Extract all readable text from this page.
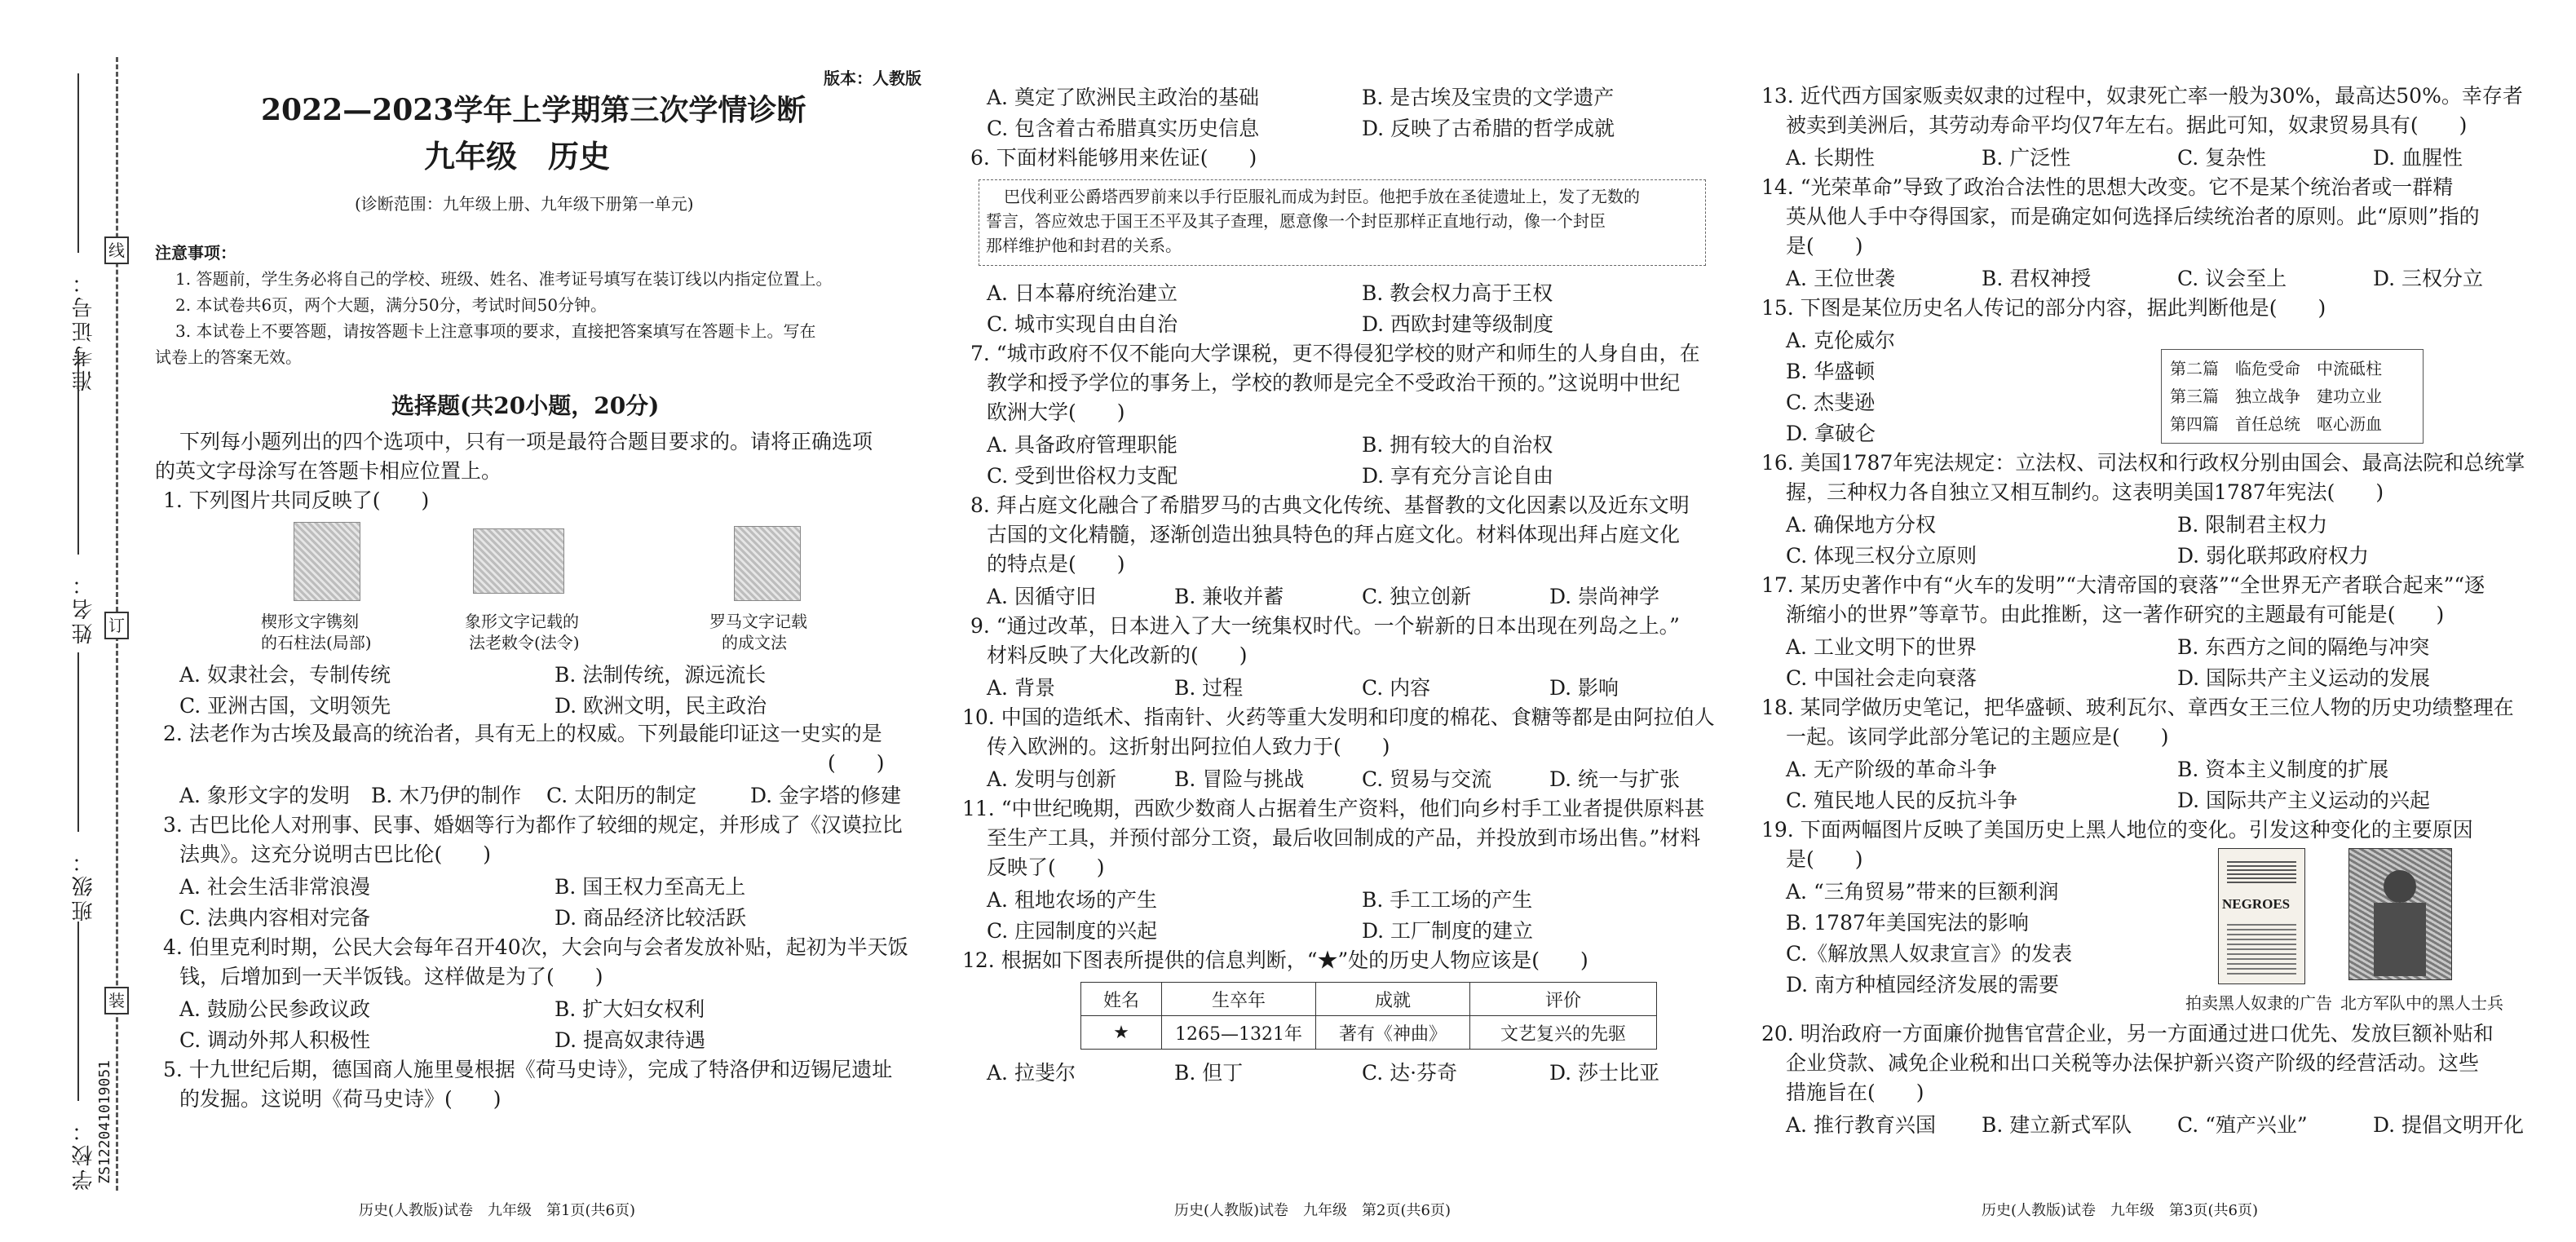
准考证号：
姓名：
班级：
学校：
线
订
装
ZS122041019051
版本：人教版
2022—2023学年上学期第三次学情诊断
九年级　历史
(诊断范围：九年级上册、九年级下册第一单元)
注意事项：
1. 答题前，学生务必将自己的学校、班级、姓名、准考证号填写在装订线以内指定位置上。
2. 本试卷共6页，两个大题，满分50分，考试时间50分钟。
3. 本试卷上不要答题，请按答题卡上注意事项的要求，直接把答案填写在答题卡上。写在
试卷上的答案无效。
选择题(共20小题，20分)
下列每小题列出的四个选项中，只有一项是最符合题目要求的。请将正确选项
的英文字母涂写在答题卡相应位置上。
1. 下列图片共同反映了(　　)
楔形文字镌刻
的石柱法(局部)
象形文字记载的
法老敕令(法令)
罗马文字记载
的成文法
A. 奴隶社会，专制传统	B. 法制传统，源远流长
C. 亚洲古国，文明领先	D. 欧洲文明，民主政治
2. 法老作为古埃及最高的统治者，具有无上的权威。下列最能印证这一史实的是
(　　)
A. 象形文字的发明 B. 木乃伊的制作 C. 太阳历的制定	D. 金字塔的修建
3. 古巴比伦人对刑事、民事、婚姻等行为都作了较细的规定，并形成了《汉谟拉比
法典》。这充分说明古巴比伦(　　)
A. 社会生活非常浪漫	B. 国王权力至高无上
C. 法典内容相对完备	D. 商品经济比较活跃
4. 伯里克利时期，公民大会每年召开40次，大会向与会者发放补贴，起初为半天饭
钱，后增加到一天半饭钱。这样做是为了(　　)
A. 鼓励公民参政议政	B. 扩大妇女权利
C. 调动外邦人积极性	D. 提高奴隶待遇
5. 十九世纪后期，德国商人施里曼根据《荷马史诗》，完成了特洛伊和迈锡尼遗址
的发掘。这说明《荷马史诗》(　　)
历史(人教版)试卷　九年级　第1页(共6页)
A. 奠定了欧洲民主政治的基础	B. 是古埃及宝贵的文学遗产
C. 包含着古希腊真实历史信息	D. 反映了古希腊的哲学成就
6. 下面材料能够用来佐证(　　)
巴伐利亚公爵塔西罗前来以手行臣服礼而成为封臣。他把手放在圣徒遗址上，发了无数的
誓言，答应效忠于国王丕平及其子查理，愿意像一个封臣那样正直地行动，像一个封臣
那样维护他和封君的关系。
A. 日本幕府统治建立	B. 教会权力高于王权
C. 城市实现自由自治	D. 西欧封建等级制度
7. “城市政府不仅不能向大学课税，更不得侵犯学校的财产和师生的人身自由，在
教学和授予学位的事务上，学校的教师是完全不受政治干预的。”这说明中世纪
欧洲大学(　　)
A. 具备政府管理职能	B. 拥有较大的自治权
C. 受到世俗权力支配	D. 享有充分言论自由
8. 拜占庭文化融合了希腊罗马的古典文化传统、基督教的文化因素以及近东文明
古国的文化精髓，逐渐创造出独具特色的拜占庭文化。材料体现出拜占庭文化
的特点是(　　)
A. 因循守旧	B. 兼收并蓄	C. 独立创新	D. 崇尚神学
9. “通过改革，日本进入了大一统集权时代。一个崭新的日本出现在列岛之上。”
材料反映了大化改新的(　　)
A. 背景	B. 过程	C. 内容	D. 影响
10. 中国的造纸术、指南针、火药等重大发明和印度的棉花、食糖等都是由阿拉伯人
传入欧洲的。这折射出阿拉伯人致力于(　　)
A. 发明与创新	B. 冒险与挑战	C. 贸易与交流	D. 统一与扩张
11. “中世纪晚期，西欧少数商人占据着生产资料，他们向乡村手工业者提供原料甚
至生产工具，并预付部分工资，最后收回制成的产品，并投放到市场出售。”材料
反映了(　　)
A. 租地农场的产生	B. 手工工场的产生
C. 庄园制度的兴起	D. 工厂制度的建立
12. 根据如下图表所提供的信息判断，“★”处的历史人物应该是(　　)
姓名	生卒年	成就	评价
★	1265—1321年	著有《神曲》	文艺复兴的先驱
A. 拉斐尔	B. 但丁	C. 达·芬奇	D. 莎士比亚
历史(人教版)试卷　九年级　第2页(共6页)
13. 近代西方国家贩卖奴隶的过程中，奴隶死亡率一般为30%，最高达50%。幸存者
被卖到美洲后，其劳动寿命平均仅7年左右。据此可知，奴隶贸易具有(　　)
A. 长期性	B. 广泛性	C. 复杂性	D. 血腥性
14. “光荣革命”导致了政治合法性的思想大改变。它不是某个统治者或一群精
英从他人手中夺得国家，而是确定如何选择后续统治者的原则。此“原则”指的
是(　　)
A. 王位世袭	B. 君权神授	C. 议会至上	D. 三权分立
15. 下图是某位历史名人传记的部分内容，据此判断他是(　　)
A. 克伦威尔
B. 华盛顿
C. 杰斐逊
D. 拿破仑
第二篇　临危受命　中流砥柱
第三篇　独立战争　建功立业
第四篇　首任总统　呕心沥血
16. 美国1787年宪法规定：立法权、司法权和行政权分别由国会、最高法院和总统掌
握，三种权力各自独立又相互制约。这表明美国1787年宪法(　　)
A. 确保地方分权	B. 限制君主权力
C. 体现三权分立原则	D. 弱化联邦政府权力
17. 某历史著作中有“火车的发明”“大清帝国的衰落”“全世界无产者联合起来”“逐
渐缩小的世界”等章节。由此推断，这一著作研究的主题最有可能是(　　)
A. 工业文明下的世界	B. 东西方之间的隔绝与冲突
C. 中国社会走向衰落	D. 国际共产主义运动的发展
18. 某同学做历史笔记，把华盛顿、玻利瓦尔、章西女王三位人物的历史功绩整理在
一起。该同学此部分笔记的主题应是(　　)
A. 无产阶级的革命斗争	B. 资本主义制度的扩展
C. 殖民地人民的反抗斗争	D. 国际共产主义运动的兴起
19. 下面两幅图片反映了美国历史上黑人地位的变化。引发这种变化的主要原因
是(　　)
A. “三角贸易”带来的巨额利润
B. 1787年美国宪法的影响
C.《解放黑人奴隶宣言》的发表
D. 南方种植园经济发展的需要
NEGROES
拍卖黑人奴隶的广告 北方军队中的黑人士兵
20. 明治政府一方面廉价抛售官营企业，另一方面通过进口优先、发放巨额补贴和
企业贷款、减免企业税和出口关税等办法保护新兴资产阶级的经营活动。这些
措施旨在(　　)
A. 推行教育兴国 B. 建立新式军队 C. “殖产兴业”	D. 提倡文明开化
历史(人教版)试卷　九年级　第3页(共6页)
